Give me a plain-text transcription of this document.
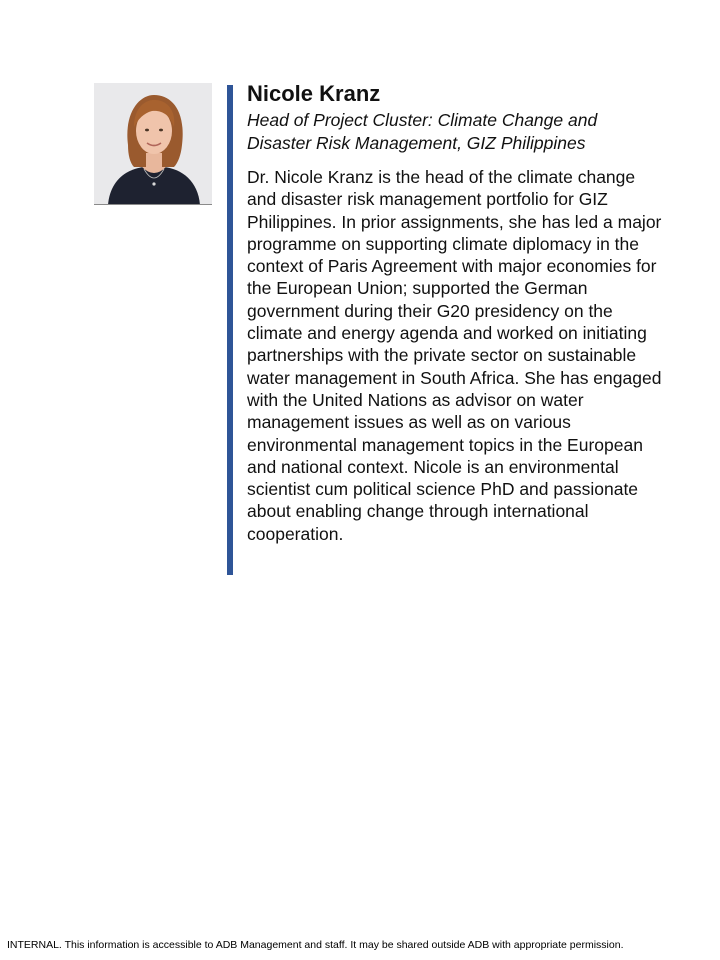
Nicole Kranz
Head of Project Cluster: Climate Change and Disaster Risk Management, GIZ Philippines

Dr. Nicole Kranz is the head of the climate change and disaster risk management portfolio for GIZ Philippines. In prior assignments, she has led a major programme on supporting climate diplomacy in the context of Paris Agreement with major economies for the European Union; supported the German government during their G20 presidency on the climate and energy agenda and worked on initiating partnerships with the private sector on sustainable water management in South Africa. She has engaged with the United Nations as advisor on water management issues as well as on various environmental management topics in the European and national context. Nicole is an environmental scientist cum political science PhD and passionate about enabling change through international cooperation.

INTERNAL. This information is accessible to ADB Management and staff. It may be shared outside ADB with appropriate permission.
